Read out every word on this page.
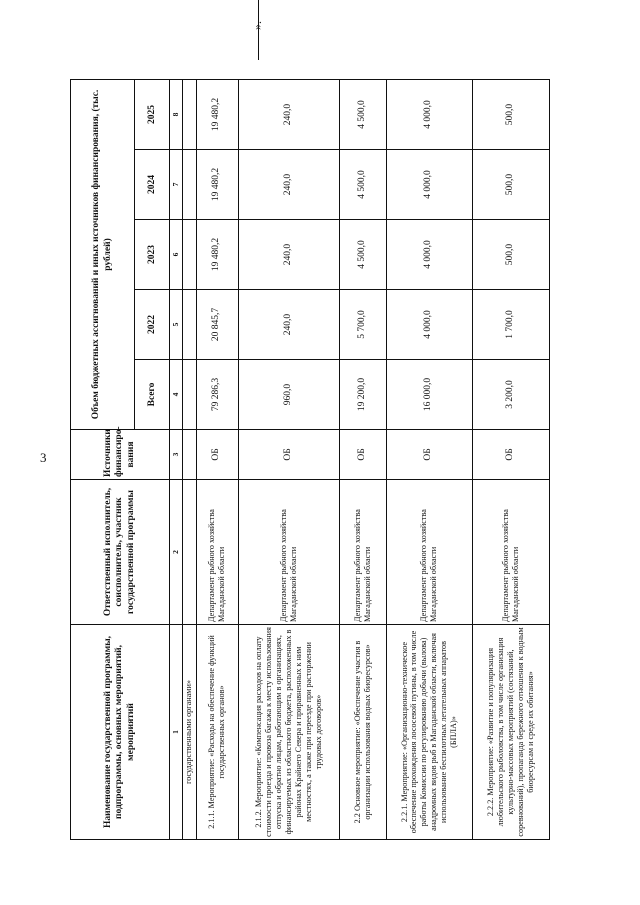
3
Наименование государственной программы, подпрограммы, основных мероприятий, мероприятий	Ответственный исполнитель, соисполнитель, участник государственной программы	Источники финансиро-вания	Объем бюджетных ассигнований и иных источников финансирования, (тыс. рублей)				
			Всего	2022	2023	2024	2025
1	2	3	4	5	6	7	8
государственными органами»							
2.1.1. Мероприятие: «Расходы на обеспечение функций государственных органов»	Департамент рыбного хозяйства Магаданской области	ОБ	79 286,3	20 845,7	19 480,2	19 480,2	19 480,2
2.1.2. Мероприятие: «Компенсация расходов на оплату стоимости проезда и провоза багажа к месту использования отпуска и обратно лицам, работающим в организациях, финансируемых из областного бюджета, расположенных в районах Крайнего Севера и приравненных к ним местностях, а также при переезде при расторжении трудовых договоров»	Департамент рыбного хозяйства Магаданской области	ОБ	960,0	240,0	240,0	240,0	240,0
2.2 Основное мероприятие: «Обеспечение участия в организации использования водных биоресурсов»	Департамент рыбного хозяйства Магаданской области	ОБ	19 200,0	5 700,0	4 500,0	4 500,0	4 500,0
2.2.1. Мероприятие: «Организационно-техническое обеспечение прохождения лососевой путины, в том числе работы Комиссии по регулированию добычи (вылова) анадромных видов рыб в Магаданской области, включая использование беспилотных летательных аппаратов (БПЛА)»	Департамент рыбного хозяйства Магаданской области	ОБ	16 000,0	4 000,0	4 000,0	4 000,0	4 000,0
2.2.2. Мероприятие: «Развитие и популяризация любительского рыболовства, в том числе организация культурно-массовых мероприятий (состязаний, соревнований), пропаганда бережного отношения к водным биоресурсам и среде их обитания»	Департамент рыбного хозяйства Магаданской области	ОБ	3 200,0	1 700,0	500,0	500,0	500,0
».
